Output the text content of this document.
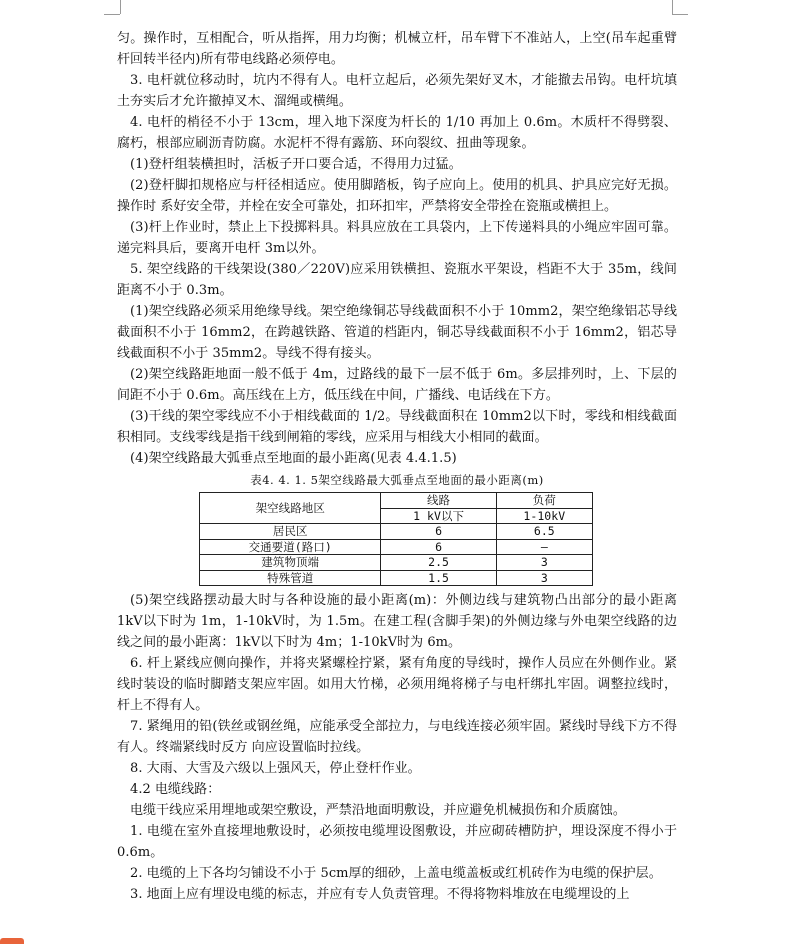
匀。操作时，互相配合，听从指挥，用力均衡；机械立杆，吊车臂下不准站人，上空(吊车起重臂杆回转半径内)所有带电线路必须停电。

3. 电杆就位移动时，坑内不得有人。电杆立起后，必须先架好叉木，才能撤去吊钩。电杆坑填土夯实后才允许撤掉叉木、溜绳或横绳。

4. 电杆的梢径不小于 13cm，埋入地下深度为杆长的 1/10 再加上 0.6m。木质杆不得劈裂、腐朽，根部应刷沥青防腐。水泥杆不得有露筋、环向裂纹、扭曲等现象。

(1)登杆组装横担时，活板子开口要合适，不得用力过猛。

(2)登杆脚扣规格应与杆径相适应。使用脚踏板，钩子应向上。使用的机具、护具应完好无损。操作时 系好安全带，并栓在安全可靠处，扣环扣牢，严禁将安全带拴在瓷瓶或横担上。

(3)杆上作业时，禁止上下投掷料具。料具应放在工具袋内，上下传递料具的小绳应牢固可靠。递完料具后，要离开电杆 3m以外。

5. 架空线路的干线架设(380／220V)应采用铁横担、瓷瓶水平架设，档距不大于 35m，线间距离不小于 0.3m。

(1)架空线路必须采用绝缘导线。架空绝缘铜芯导线截面积不小于 10mm2，架空绝缘铝芯导线截面积不小于 16mm2，在跨越铁路、管道的档距内，铜芯导线截面积不小于 16mm2，铝芯导线截面积不小于 35mm2。导线不得有接头。

(2)架空线路距地面一般不低于 4m，过路线的最下一层不低于 6m。多层排列时，上、下层的间距不小于 0.6m。高压线在上方，低压线在中间，广播线、电话线在下方。

(3)干线的架空零线应不小于相线截面的 1/2。导线截面积在 10mm2以下时，零线和相线截面积相同。支线零线是指干线到闸箱的零线，应采用与相线大小相同的截面。

(4)架空线路最大弧垂点至地面的最小距离(见表 4.4.1.5)

表4. 4. 1. 5架空线路最大弧垂点至地面的最小距离(m)
架空线路地区	线路	负荷
	1 kV以下	1-10kV
居民区	6	6.5
交通要道(路口)	6	—
建筑物顶端	2.5	3
特殊管道	1.5	3

(5)架空线路摆动最大时与各种设施的最小距离(m)：外侧边线与建筑物凸出部分的最小距离 1kV以下时为 1m，1-10kV时，为 1.5m。在建工程(含脚手架)的外侧边缘与外电架空线路的边线之间的最小距离：1kV以下时为 4m；1-10kV时为 6m。

6. 杆上紧线应侧向操作，并将夹紧螺栓拧紧，紧有角度的导线时，操作人员应在外侧作业。紧线时装设的临时脚踏支架应牢固。如用大竹梯，必须用绳将梯子与电杆绑扎牢固。调整拉线时，杆上不得有人。

7. 紧绳用的铅(铁丝或钢丝绳，应能承受全部拉力，与电线连接必须牢固。紧线时导线下方不得有人。终端紧线时反方 向应设置临时拉线。

8. 大雨、大雪及六级以上强风天，停止登杆作业。

4.2 电缆线路：

电缆干线应采用埋地或架空敷设，严禁沿地面明敷设，并应避免机械损伤和介质腐蚀。

1. 电缆在室外直接埋地敷设时，必须按电缆埋设图敷设，并应砌砖槽防护，埋设深度不得小于 0.6m。

2. 电缆的上下各均匀铺设不小于 5cm厚的细砂，上盖电缆盖板或红机砖作为电缆的保护层。

3. 地面上应有埋设电缆的标志，并应有专人负责管理。不得将物料堆放在电缆埋设的上
